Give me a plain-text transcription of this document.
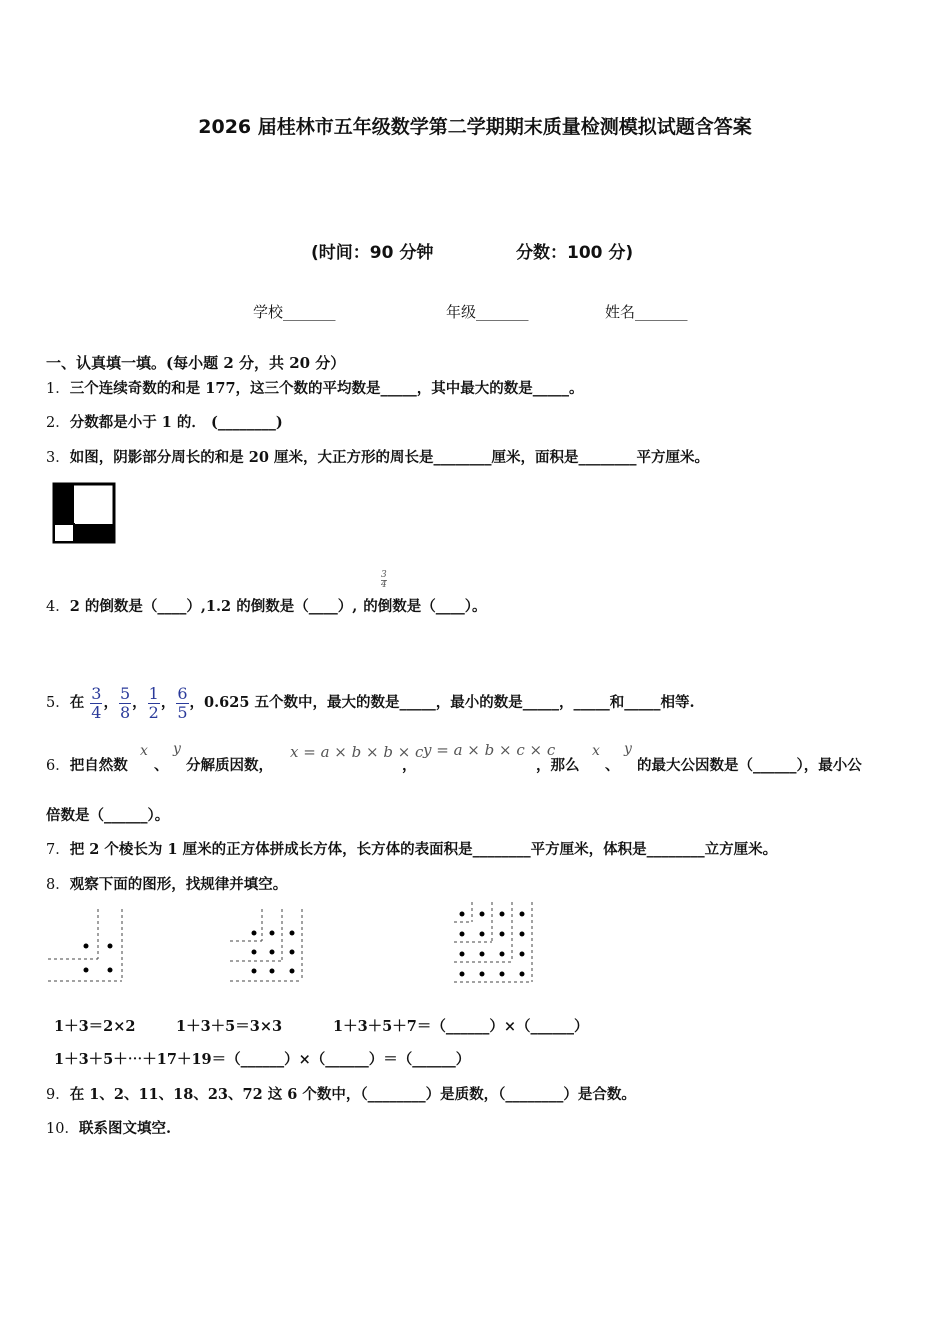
2026 届桂林市五年级数学第二学期期末质量检测模拟试题含答案
(时间：90 分钟	分数：100 分)
学校_______	年级_______	姓名_______
一、认真填一填。(每小题 2 分，共 20 分）
1．三个连续奇数的和是 177，这三个数的平均数是_____，其中最大的数是_____。
2．分数都是小于 1 的． (________)
3．如图，阴影部分周长的和是 20 厘米，大正方形的周长是________厘米，面积是________平方厘米。
4．2 的倒数是（____）,1.2 的倒数是（____）, 的倒数是（____）。
$\frac{3}{4}$
5．在 $\frac{3}{4}$ ， $\frac{5}{8}$ ， $\frac{1}{2}$ ， $\frac{6}{5}$ ，0.625 五个数中，最大的数是_____，最小的数是_____，_____和_____相等.
6．把自然数
x
、
y
分解质因数，
x = a × b × b × c
，
y = a × b × c × c
，那么
x
、
y
的最大公因数是（______），最小公
倍数是（______）。
7．把 2 个棱长为 1 厘米的正方体拼成长方体，长方体的表面积是________平方厘米，体积是________立方厘米。
8．观察下面的图形，找规律并填空。
1＋3＝2×2	1＋3＋5＝3×3	1＋3＋5＋7＝（______）×（______）
1＋3＋5＋⋯＋17＋19＝（______）×（______）＝（______）
9．在 1、2、11、18、23、72 这 6 个数中，（________）是质数，（________）是合数。
10．联系图文填空.
